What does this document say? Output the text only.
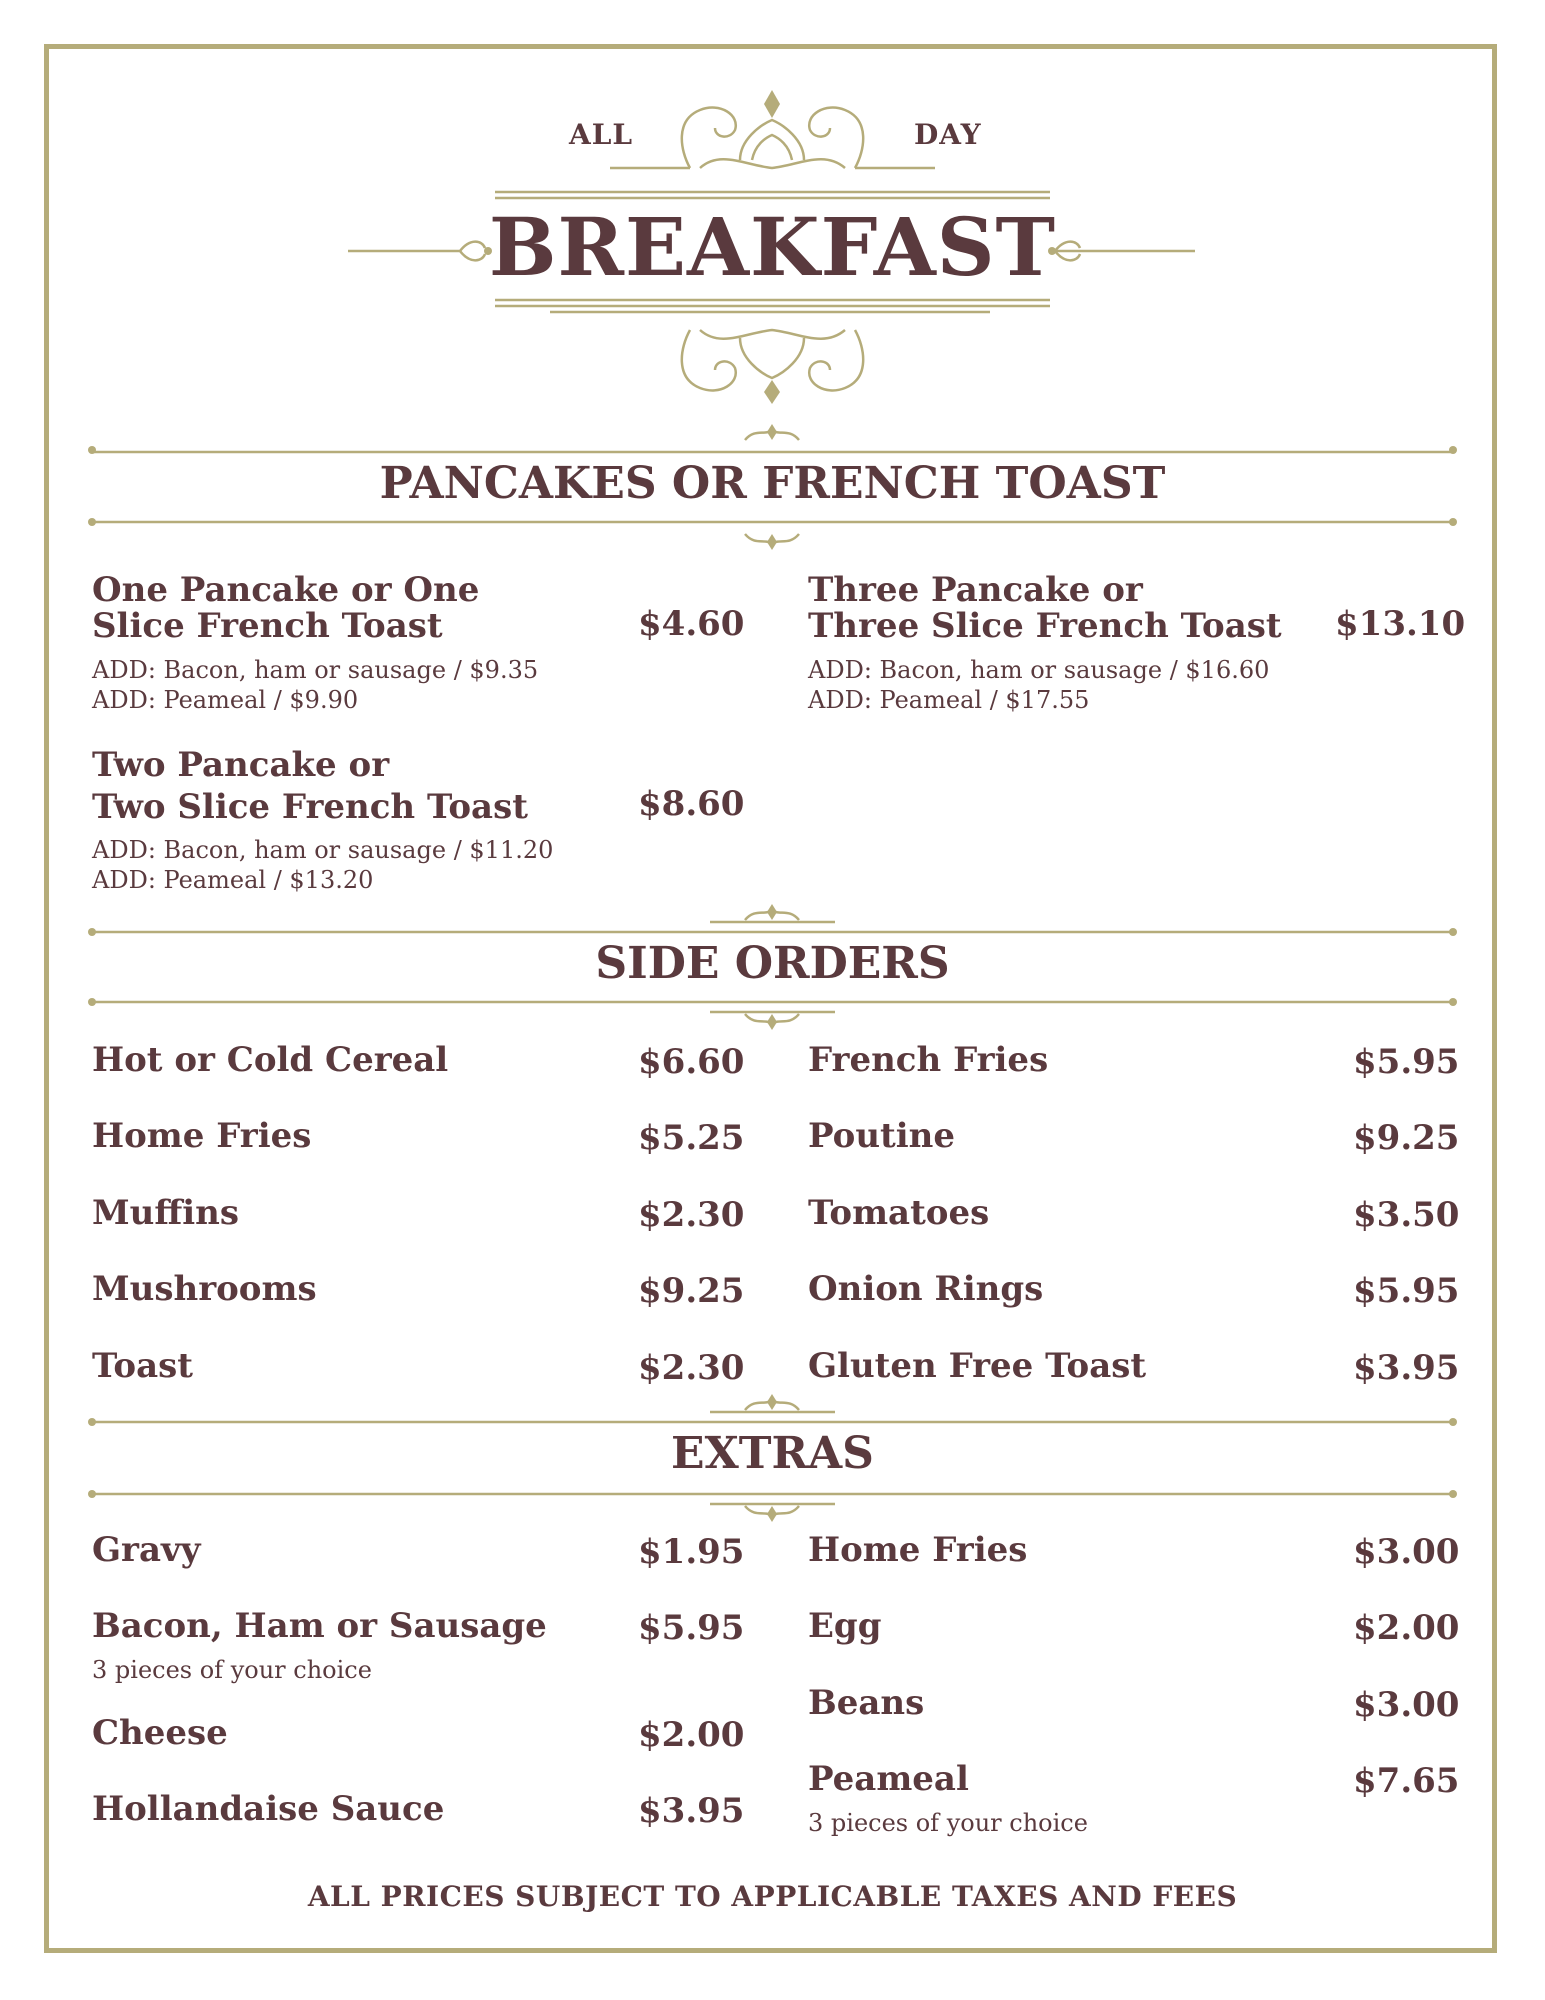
ALL	DAY
BREAKFAST
PANCAKES OR FRENCH TOAST
One Pancake or One
Slice French Toast	$4.60
ADD: Bacon, ham or sausage / $9.35
ADD: Peameal / $9.90
Three Pancake or
Three Slice French Toast $13.10
ADD: Bacon, ham or sausage / $16.60
ADD: Peameal / $17.55
Two Pancake or
Two Slice French Toast	$8.60
ADD: Bacon, ham or sausage / $11.20
ADD: Peameal / $13.20
SIDE ORDERS
Hot or Cold Cereal	$6.60
Home Fries	$5.25
Muffins	$2.30
Mushrooms	$9.25
Toast	$2.30
French Fries	$5.95
Poutine	$9.25
Tomatoes	$3.50
Onion Rings	$5.95
Gluten Free Toast	$3.95
EXTRAS
Gravy	$1.95
Bacon, Ham or Sausage	$5.95
3 pieces of your choice
Cheese	$2.00
Hollandaise Sauce	$3.95
Home Fries	$3.00
Egg	$2.00
Beans	$3.00
Peameal	$7.65
3 pieces of your choice
ALL PRICES SUBJECT TO APPLICABLE TAXES AND FEES
